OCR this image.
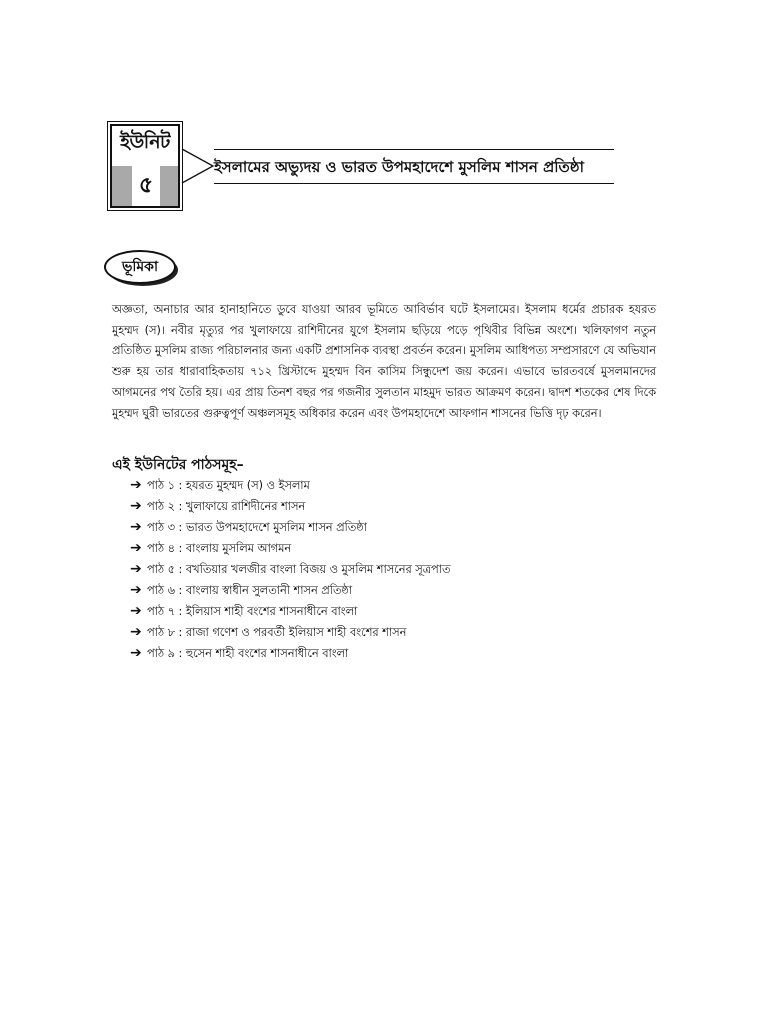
ইউনিট
৫
ইসলামের অভ্যুদয় ও ভারত উপমহাদেশে মুসলিম শাসন প্রতিষ্ঠা
ভূমিকা

অজ্ঞতা, অনাচার আর হানাহানিতে ডুবে যাওয়া আরব ভূমিতে আবির্ভাব ঘটে ইসলামের। ইসলাম ধর্মের প্রচারক হযরত মুহম্মদ (স)। নবীর মৃত্যুর পর খুলাফায়ে রাশিদীনের যুগে ইসলাম ছড়িয়ে পড়ে পৃথিবীর বিভিন্ন অংশে। খলিফাগণ নতুন প্রতিষ্ঠিত মুসলিম রাজ্য পরিচালনার জন্য একটি প্রশাসনিক ব্যবস্থা প্রবর্তন করেন। মুসলিম আধিপত্য সম্প্রসারণে যে অভিযান শুরু হয় তার ধারাবাহিকতায় ৭১২ খ্রিস্টাব্দে মুহম্মদ বিন কাসিম সিন্ধুদেশ জয় করেন। এভাবে ভারতবর্ষে মুসলমানদের আগমনের পথ তৈরি হয়। এর প্রায় তিনশ বছর পর গজনীর সুলতান মাহমুদ ভারত আক্রমণ করেন। দ্বাদশ শতকের শেষ দিকে মুহম্মদ ঘুরী ভারতের গুরুত্বপূর্ণ অঞ্চলসমূহ অধিকার করেন এবং উপমহাদেশে আফগান শাসনের ভিত্তি দৃঢ় করেন।

এই ইউনিটের পাঠসমূহ–
➔ পাঠ ১ : হযরত মুহম্মদ (স) ও ইসলাম
➔ পাঠ ২ : খুলাফায়ে রাশিদীনের শাসন
➔ পাঠ ৩ : ভারত উপমহাদেশে মুসলিম শাসন প্রতিষ্ঠা
➔ পাঠ ৪ : বাংলায় মুসলিম আগমন
➔ পাঠ ৫ : বখতিয়ার খলজীর বাংলা বিজয় ও মুসলিম শাসনের সূত্রপাত
➔ পাঠ ৬ : বাংলায় স্বাধীন সুলতানী শাসন প্রতিষ্ঠা
➔ পাঠ ৭ : ইলিয়াস শাহী বংশের শাসনাধীনে বাংলা
➔ পাঠ ৮ : রাজা গণেশ ও পরবর্তী ইলিয়াস শাহী বংশের শাসন
➔ পাঠ ৯ : হুসেন শাহী বংশের শাসনাধীনে বাংলা
